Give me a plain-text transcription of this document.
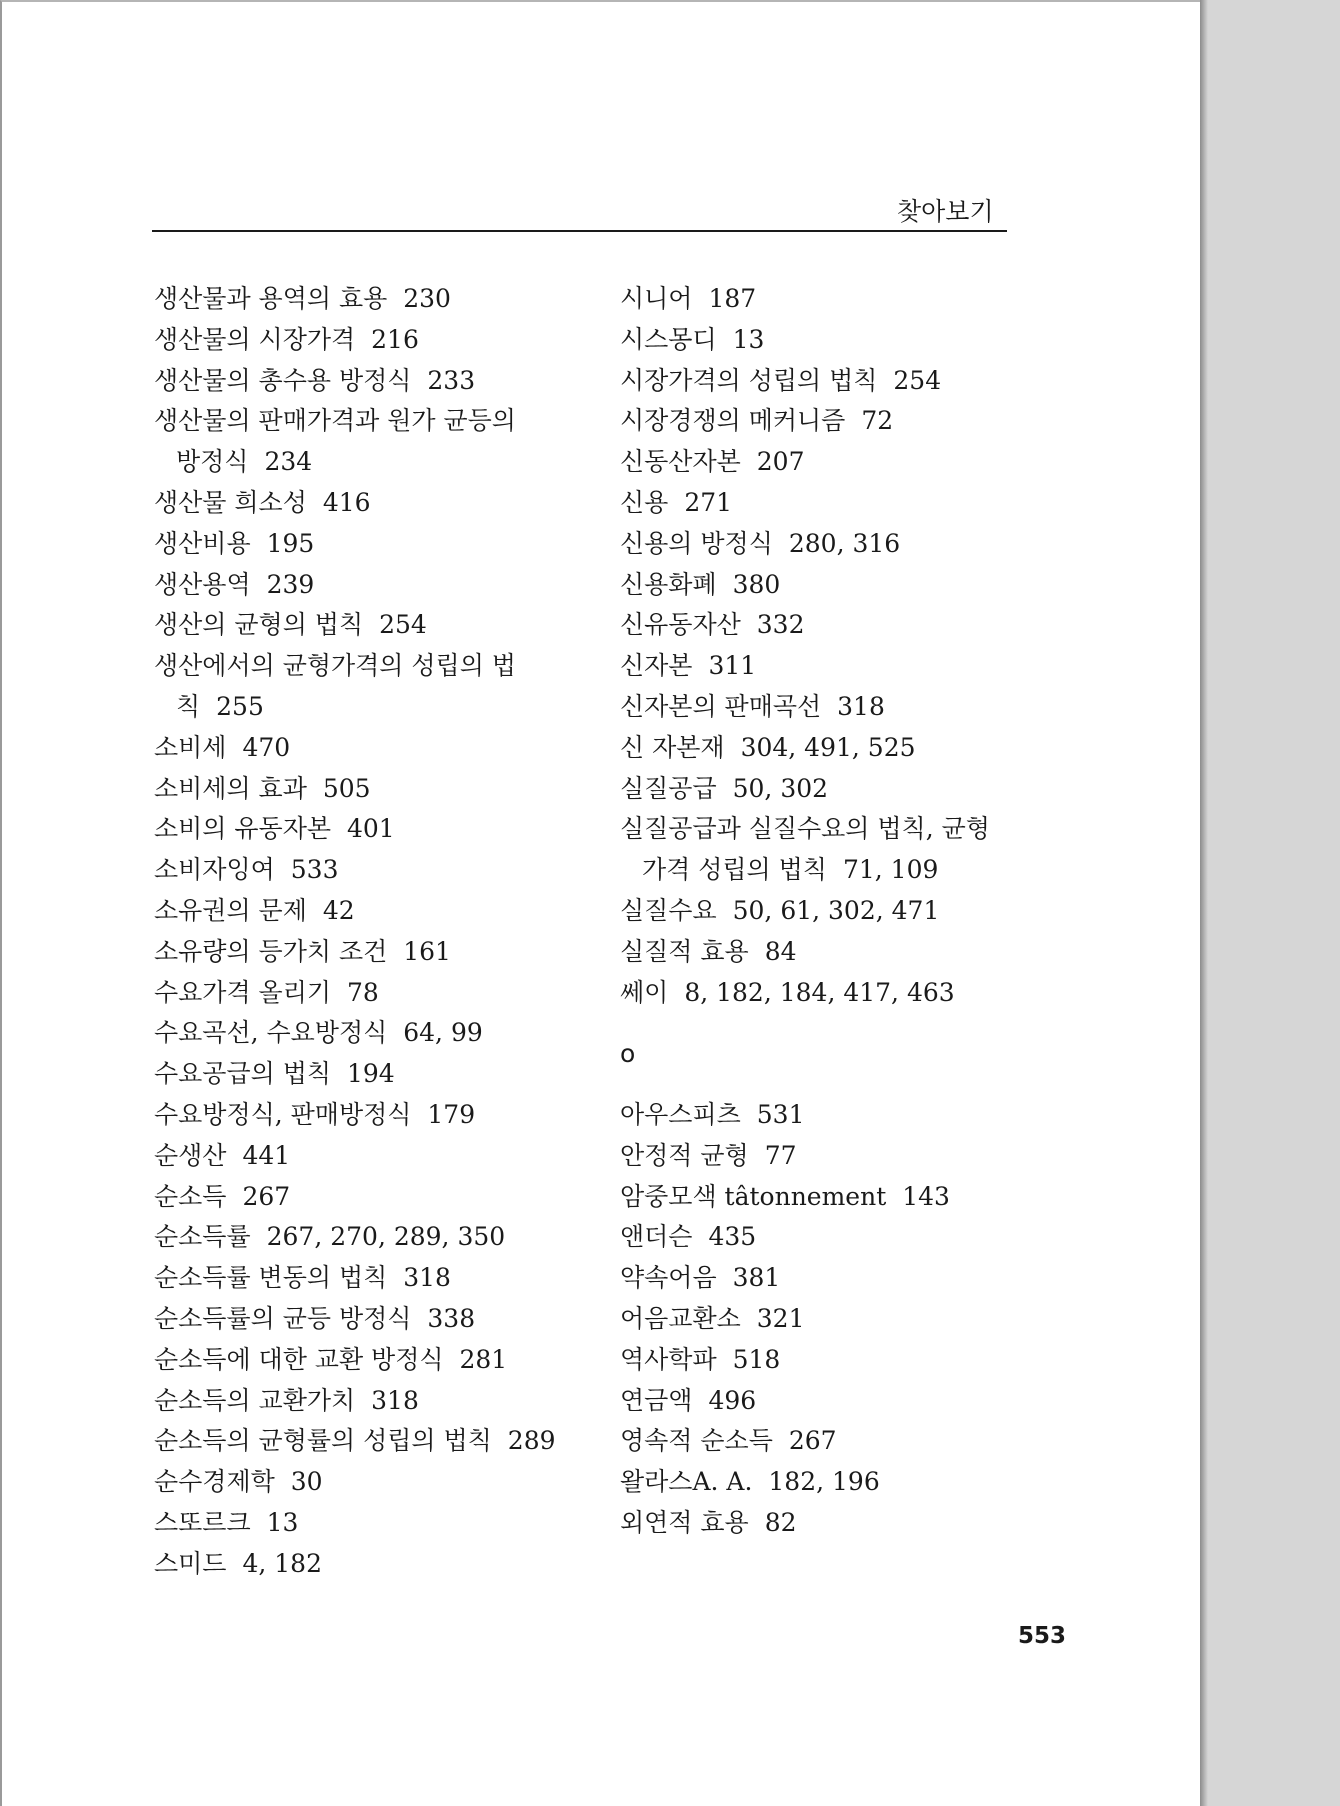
찾아보기
생산물과 용역의 효용 230
생산물의 시장가격 216
생산물의 총수용 방정식 233
생산물의 판매가격과 원가 균등의
방정식 234
생산물 희소성 416
생산비용 195
생산용역 239
생산의 균형의 법칙 254
생산에서의 균형가격의 성립의 법
칙 255
소비세 470
소비세의 효과 505
소비의 유동자본 401
소비자잉여 533
소유권의 문제 42
소유량의 등가치 조건 161
수요가격 올리기 78
수요곡선, 수요방정식 64, 99
수요공급의 법칙 194
수요방정식, 판매방정식 179
순생산 441
순소득 267
순소득률 267, 270, 289, 350
순소득률 변동의 법칙 318
순소득률의 균등 방정식 338
순소득에 대한 교환 방정식 281
순소득의 교환가치 318
순소득의 균형률의 성립의 법칙 289
순수경제학 30
스또르크 13
스미드 4, 182
시니어 187
시스몽디 13
시장가격의 성립의 법칙 254
시장경쟁의 메커니즘 72
신동산자본 207
신용 271
신용의 방정식 280, 316
신용화폐 380
신유동자산 332
신자본 311
신자본의 판매곡선 318
신 자본재 304, 491, 525
실질공급 50, 302
실질공급과 실질수요의 법칙, 균형
가격 성립의 법칙 71, 109
실질수요 50, 61, 302, 471
실질적 효용 84
쎄이 8, 182, 184, 417, 463
o
아우스피츠 531
안정적 균형 77
암중모색 tâtonnement 143
앤더슨 435
약속어음 381
어음교환소 321
역사학파 518
연금액 496
영속적 순소득 267
왈라스A. A. 182, 196
외연적 효용 82
553
